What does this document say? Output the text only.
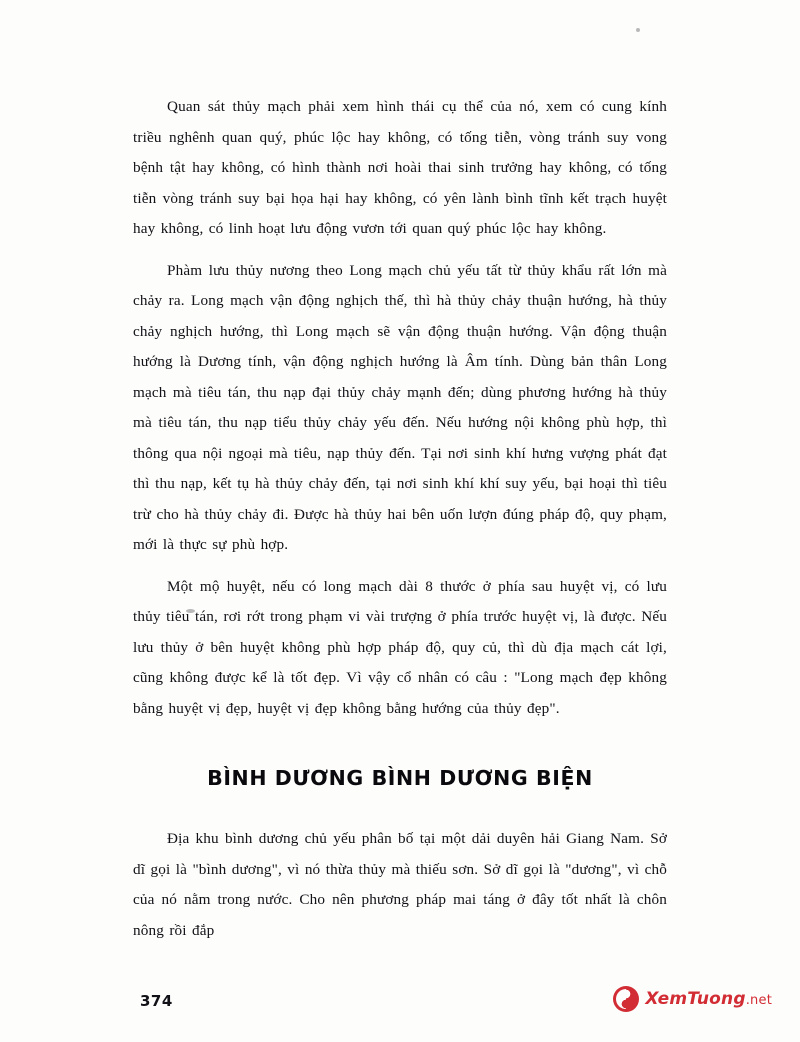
Quan sát thủy mạch phải xem hình thái cụ thể của nó, xem có cung kính triều nghênh quan quý, phúc lộc hay không, có tống tiễn, vòng tránh suy vong bệnh tật hay không, có hình thành nơi hoài thai sinh trưởng hay không, có tống tiễn vòng tránh suy bại họa hại hay không, có yên lành bình tĩnh kết trạch huyệt hay không, có linh hoạt lưu động vươn tới quan quý phúc lộc hay không.

Phàm lưu thủy nương theo Long mạch chủ yếu tất từ thủy khẩu rất lớn mà chảy ra. Long mạch vận động nghịch thế, thì hà thủy chảy thuận hướng, hà thủy chảy nghịch hướng, thì Long mạch sẽ vận động thuận hướng. Vận động thuận hướng là Dương tính, vận động nghịch hướng là Âm tính. Dùng bản thân Long mạch mà tiêu tán, thu nạp đại thủy chảy mạnh đến; dùng phương hướng hà thủy mà tiêu tán, thu nạp tiểu thủy chảy yếu đến. Nếu hướng nội không phù hợp, thì thông qua nội ngoại mà tiêu, nạp thủy đến. Tại nơi sinh khí hưng vượng phát đạt thì thu nạp, kết tụ hà thủy chảy đến, tại nơi sinh khí khí suy yếu, bại hoại thì tiêu trừ cho hà thủy chảy đi. Được hà thủy hai bên uốn lượn đúng pháp độ, quy phạm, mới là thực sự phù hợp.

Một mộ huyệt, nếu có long mạch dài 8 thước ở phía sau huyệt vị, có lưu thủy tiêu tán, rơi rớt trong phạm vi vài trượng ở phía trước huyệt vị, là được. Nếu lưu thủy ở bên huyệt không phù hợp pháp độ, quy củ, thì dù địa mạch cát lợi, cũng không được kể là tốt đẹp. Vì vậy cổ nhân có câu : "Long mạch đẹp không bằng huyệt vị đẹp, huyệt vị đẹp không bằng hướng của thủy đẹp".

BÌNH DƯƠNG BÌNH DƯƠNG BIỆN

Địa khu bình dương chủ yếu phân bố tại một dải duyên hải Giang Nam. Sở dĩ gọi là "bình dương", vì nó thừa thủy mà thiếu sơn. Sở dĩ gọi là "dương", vì chỗ của nó nằm trong nước. Cho nên phương pháp mai táng ở đây tốt nhất là chôn nông rồi đắp

374	XemTuong.net
